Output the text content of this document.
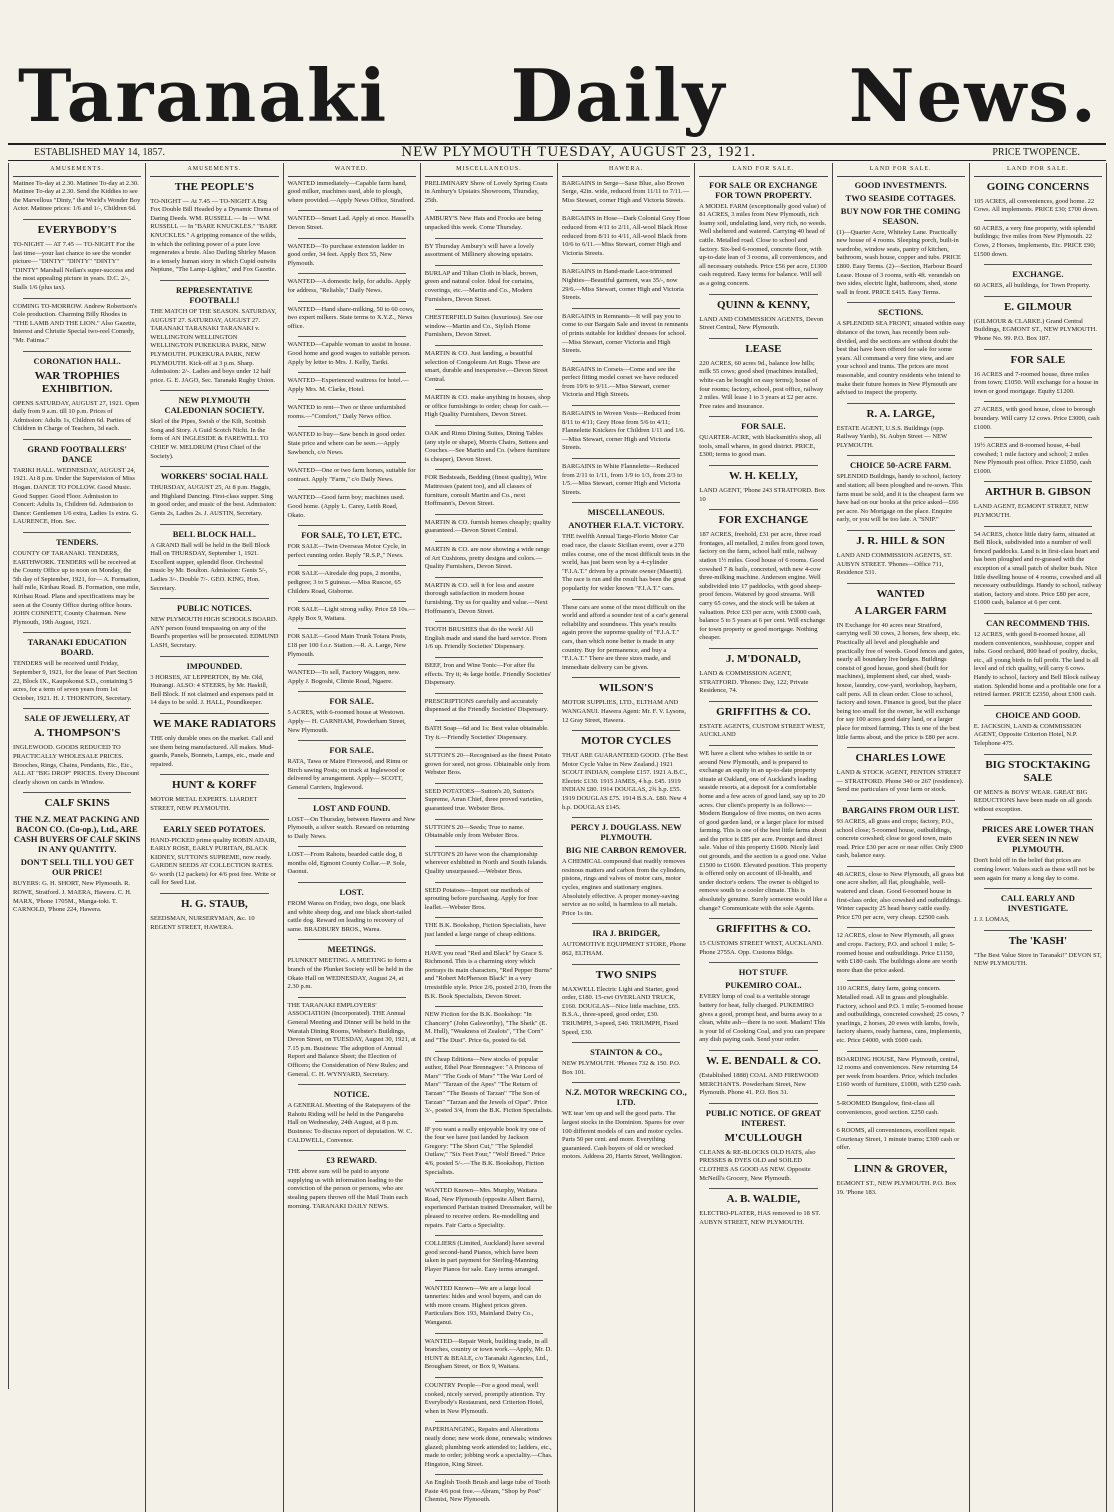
Taranaki Daily News.
ESTABLISHED MAY 14, 1857.	NEW PLYMOUTH TUESDAY, AUGUST 23, 1921.	PRICE TWOPENCE.
AMUSEMENTS.
Matinee To-day at 2.30. Matinee To-day at 2.30. Matinee To-day at 2.30. Send the Kiddies to see the Marvellous "Dinty," the World's Wonder Boy Actor. Matinee prices: 1/6 and 1/-, Children 6d.
EVERYBODY'S
TO-NIGHT — AT 7.45 — TO-NIGHT For the last time—your last chance to see the wonder picture— "DINTY" "DINTY" "DINTY" "DINTY" Marshall Neilan's super-success and the most appealing picture in years. D.C. 2/-, Stalls 1/6 (plus tax).
COMING TO-MORROW. Andrew Robertson's Cole production. Charming Billy Rhodes in "THE LAMB AND THE LION." Also Gazette, Interest and Christie Special two-reel Comedy, "Mr. Fatima."
CORONATION HALL.
WAR TROPHIES EXHIBITION.
OPENS SATURDAY, AUGUST 27, 1921. Open daily from 9 a.m. till 10 p.m. Prices of Admission: Adults 1s, Children 6d. Parties of Children in Charge of Teachers, 3d each.
GRAND FOOTBALLERS' DANCE
TARIKI HALL. WEDNESDAY, AUGUST 24, 1921. At 8 p.m. Under the Supervision of Miss Hogan. DANCE TO FOLLOW. Good Music. Good Supper. Good Floor. Admission to Concert: Adults 1s, Children 6d. Admission to Dance: Gentlemen 1/6 extra, Ladies 1s extra. G. LAURENCE, Hon. Sec.
TENDERS.
COUNTY OF TARANAKI. TENDERS, EARTHWORK. TENDERS will be received at the County Office up to noon on Monday, the 5th day of September, 1921, for— A. Formation, half mile, Kirihau Road. B. Formation, one mile, Kirihau Road. Plans and specifications may be seen at the County Office during office hours. JOHN CONNETT, County Chairman. New Plymouth, 19th August, 1921.
TARANAKI EDUCATION BOARD.
TENDERS will be received until Friday, September 9, 1921, for the lease of Part Section 22, Block IX., Kaupokonui S.D., containing 5 acres, for a term of seven years from 1st October, 1921. H. J. THORNTON, Secretary.
SALE OF JEWELLERY, AT
A. THOMPSON'S
INGLEWOOD. GOODS REDUCED TO PRACTICALLY WHOLESALE PRICES. Brooches, Rings, Chains, Pendants, Etc., Etc., ALL AT "BIG DROP" PRICES. Every Discount clearly shown on cards in Window.
CALF SKINS
THE N.Z. MEAT PACKING AND BACON CO. (Co-op.), Ltd., ARE CASH BUYERS OF CALF SKINS IN ANY QUANTITY.
DON'T SELL TILL YOU GET OUR PRICE!
BUYERS: G. H. SHORT, New Plymouth. R. ROWE, Stratford. J. MAERA, Hawera. C. H. MARX, 'Phone 1705M., Manga-toki. T. CARNOLD, 'Phone 224, Hawera.
AMUSEMENTS.
THE PEOPLE'S
TO-NIGHT — At 7.45 — TO-NIGHT A Big Fox Double Bill Headed by a Dynamic Drama of Daring Deeds. WM. RUSSELL — In — WM. RUSSELL — In "BARE KNUCKLES." "BARE KNUCKLES." A gripping romance of the wilds, in which the refining power of a pure love regenerates a brute. Also Darling Shirley Mason in a tensely human story in which Cupid outwits Neptune, "The Lamp-Lighter," and Fox Gazette.
REPRESENTATIVE FOOTBALL!
THE MATCH OF THE SEASON. SATURDAY, AUGUST 27. SATURDAY, AUGUST 27. TARANAKI TARANAKI TARANAKI v. WELLINGTON WELLINGTON WELLINGTON PUKEKURA PARK, NEW PLYMOUTH. PUKEKURA PARK, NEW PLYMOUTH. Kick-off at 3 p.m. Sharp. Admission: 2/-. Ladies and boys under 12 half price. G. E. JAGO, Sec. Taranaki Rugby Union.
NEW PLYMOUTH CALEDONIAN SOCIETY.
Skirl of the Pipes, Swish o' the Kilt, Scottish Song and Story. A Guid Scotch Nicht. In the form of AN INGLESIDE & FAREWELL TO CHIEF W. MELDRUM (First Chief of the Society).
WORKERS' SOCIAL HALL
THURSDAY, AUGUST 25, At 8 p.m. Haggis, and Highland Dancing. First-class supper. Sing in good order, and music of the best. Admission: Gents 2s, Ladies 2s. J. AUSTIN, Secretary.
BELL BLOCK HALL.
A GRAND Ball will be held in the Bell Block Hall on THURSDAY, September 1, 1921. Excellent supper, splendid floor. Orchestral music by Mr. Boulton. Admission: Gents 5/-, Ladies 3/-. Double 7/-. GEO. KING, Hon. Secretary.
PUBLIC NOTICES.
NEW PLYMOUTH HIGH SCHOOLS BOARD. ANY person found trespassing on any of the Board's properties will be prosecuted. EDMUND LASH, Secretary.
IMPOUNDED.
3 HORSES, AT LEPPERTON, By Mr. Old, Huirangi. ALSO: 4 STEERS, by Mr. Haskill, Bell Block. If not claimed and expenses paid in 14 days to be sold. J. HALL, Poundkeeper.
WE MAKE RADIATORS
THE only durable ones on the market. Call and see them being manufactured. All makes. Mud-guards, Panels, Bonnets, Lamps, etc., made and repaired.
HUNT & KORFF
MOTOR METAL EXPERTS. LIARDET STREET, NEW PLYMOUTH.
EARLY SEED POTATOES.
HAND-PICKED prime quality ROBIN ADAIR, EARLY ROSE, EARLY PURITAN, BLACK KIDNEY, SUTTON'S SUPREME, now ready. GARDEN SEEDS AT COLLECTION RATES. 6/- worth (12 packets) for 4/6 post free. Write or call for Seed List.
H. G. STAUB,
SEEDSMAN, NURSERYMAN, &c. 10 REGENT STREET, HAWERA.
WANTED.
WANTED immediately—Capable farm hand, good milker, machines used, able to plough, where provided.—Apply News Office, Stratford.
WANTED—Smart Lad. Apply at once. Hassell's Devon Street.
WANTED—To purchase extension ladder in good order, 34 feet. Apply Box 55, New Plymouth.
WANTED—A domestic help, for adults. Apply for address, "Reliable," Daily News.
WANTED—Hand share-milking, 50 to 60 cows, two expert milkers. State terms to X.Y.Z., News office.
WANTED—Capable woman to assist in house. Good home and good wages to suitable person. Apply by letter to Mrs. J. Kelly, Tariki.
WANTED—Experienced waitress for hotel.—Apply Mrs. M. Clarke, Hotel.
WANTED to rent—Two or three unfurnished rooms.—"Comfort," Daily News office.
WANTED to buy—Saw bench in good order. State price and where can be seen.—Apply Sawbench, c/o News.
WANTED—One or two farm horses, suitable for contract. Apply "Farm," c/o Daily News.
WANTED—Good farm boy; machines used. Good home. (Apply L. Carey, Leith Road, Okato.
FOR SALE, TO LET, ETC.
FOR SALE—Twin Overseas Motor Cycle, in perfect running order. Reply "R.S.P.," News.
FOR SALE—Airedale dog pups, 2 months, pedigree; 3 to 5 guineas.—Miss Ruscoe, 65 Childers Road, Gisborne.
FOR SALE—Light strong sulky. Price £8 10s.—Apply Box 9, Waitara.
FOR SALE—Good Main Trunk Totara Posts, £18 per 100 f.o.r. Station.—R. A. Large, New Plymouth.
WANTED—To sell, Factory Waggon, new. Apply J. Bogoshi, Climie Road, Ngaere.
FOR SALE.
5 ACRES, with 6-roomed house at Westown. Apply— H. CARNHAM, Powderham Street, New Plymouth.
FOR SALE.
RATA, Tawa or Maire Firewood, and Rimu or Birch sawing Posts; on truck at Inglewood or delivered by arrangement. Apply— SCOTT, General Carriers, Inglewood.
LOST AND FOUND.
LOST—On Thursday, between Hawera and New Plymouth, a silver watch. Reward on returning to Daily News.
LOST—From Rahotu, bearded cattle dog, 8 months old, Egmont County Collar.—P. Sole, Oaonui.
LOST.
FROM Warea on Friday, two dogs, one black and white sheep dog, and one black short-tailed cattle dog. Reward on leading to recovery of same. BRADBURY BROS., Warea.
MEETINGS.
PLUNKET MEETING. A MEETING to form a branch of the Plunket Society will be held in the Okato Hall on WEDNESDAY, August 24, at 2.30 p.m.
THE TARANAKI EMPLOYERS' ASSOCIATION (Incorporated). THE Annual General Meeting and Dinner will be held in the Waratah Dining Rooms, Webster's Buildings, Devon Street, on TUESDAY, August 30, 1921, at 7.15 p.m. Business: The adoption of Annual Report and Balance Sheet; the Election of Officers; the Consideration of New Rules; and General. C. H. WYNYARD, Secretary.
NOTICE.
A GENERAL Meeting of the Ratepayers of the Rahotu Riding will be held in the Pungarehu Hall on Wednesday, 24th August, at 8 p.m. Business: To discuss report of deputation. W. C. CALDWELL, Convenor.
£3 REWARD.
THE above sum will be paid to anyone supplying us with information leading to the conviction of the person or persons, who are stealing papers thrown off the Mail Train each morning. TARANAKI DAILY NEWS.
MISCELLANEOUS.
PRELIMINARY Show of Lovely Spring Coats in Ambury's Upstairs Showroom, Thursday, 25th.
AMBURY'S New Hats and Frocks are being unpacked this week. Come Thursday.
BY Thursday Ambury's will have a lovely assortment of Millinery showing upstairs.
BURLAP and Tilian Cloth in black, brown, green and natural color. Ideal for curtains, coverings, etc.—Martin and Co., Modern Furnishers, Devon Street.
CHESTERFIELD Suites (luxurious). See our window—Martin and Co., Stylish Home Furnishers, Devon Street.
MARTIN & CO. Just landing, a beautiful selection of Congoleum Art Rugs. These are smart, durable and inexpensive.—Devon Street Central.
MARTIN & CO. make anything in houses, shop or office furnishings to order; cheap for cash.—High Quality Furnishers, Devon Street.
OAK and Rimu Dining Suites, Dining Tables (any style or shape), Morris Chairs, Settees and Couches.—See Martin and Co. (where furniture is cheaper), Devon Street.
FOR Bedsteads, Bedding (finest quality), Wire Mattresses (patent too), and all classes of furniture, consult Martin and Co., next Hoffmann's, Devon Street.
MARTIN & CO. furnish homes cheaply; quality guaranteed.—Devon Street Central.
MARTIN & CO. are now showing a wide range of Art Cushions, pretty designs and colors.—Quality Furnishers, Devon Street.
MARTIN & CO. sell it for less and assure thorough satisfaction in modern house furnishing. Try us for quality and value.—Next Hoffmann's, Devon Street.
TOOTH BRUSHES that do the work! All English made and stand the hard service. From 1/6 up. Friendly Societies' Dispensary.
BEEF, Iron and Wine Tonic—For after flu effects. Try it; 4s large bottle. Friendly Societies' Dispensary.
PRESCRIPTIONS carefully and accurately dispensed at the Friendly Societies' Dispensary.
BATH Soap—6d and 1s: Best value obtainable. Try it.—Friendly Societies' Dispensary.
SUTTON'S 20—Recognised as the finest Potato grown for seed, not gross. Obtainable only from Webster Bros.
SEED POTATOES—Sutton's 20, Sutton's Supreme, Arran Chief, three proved varieties, guaranteed true. Webster Bros.
SUTTON'S 20—Seeds; True to name. Obtainable only from Webster Bros.
SUTTON'S 20 have won the championship wherever exhibited in North and South Islands. Quality unsurpassed.—Webster Bros.
SEED Potatoes—Import our methods of sprouting before purchasing. Apply for free leaflet.—Webster Bros.
THE B.K. Bookshop, Fiction Specialists, have just landed a large range of cheap editions.
HAVE you read "Red and Black" by Grace S. Richmond. This is a charming story which portrays its main characters, "Red Pepper Burns" and "Robert McPherson Black" in a very irresistible style. Price 2/6, posted 2/10, from the B.K. Book Specialists, Devon Street.
NEW Fiction for the B.K. Bookshop: "In Chancery" (John Galsworthy), "The Sheik" (E. M. Hull), "Weakness of Zealots", "The Corn" and "The Dust". Price 6s, posted 6s 6d.
IN Cheap Editions—New stocks of popular author, Ethel Pear Brennagwe: "A Princess of Mars" "The Gods of Mars" "The War Lord of Mars" "Tarzan of the Apes" "The Return of Tarzan" "The Beasts of Tarzan" "The Son of Tarzan" "Tarzan and the Jewels of Opar". Price 3/-, posted 3/4, from the B.K. Fiction Specialists.
IF you want a really enjoyable book try one of the four we have just landed by Jackson Gregory: "The Short Cut," "The Splendid Outlaw," "Six Feet Four," "Wolf Breed." Price 4/6, posted 5/-.—The B.K. Bookshop, Fiction Specialists.
WANTED Known—Mrs. Murphy, Waitara Road, New Plymouth (opposite Albert Barrs), experienced Parisian trained Dressmaker, will be pleased to receive orders. Re-modelling and repairs. Fair Carts a Speciality.
COLLIERS (Limited, Auckland) have several good second-hand Pianos, which have been taken in part payment for Sterling-Manning Player Pianos for sale. Easy terms arranged.
WANTED Known—We are a large local tanneries: hides and wool buyers, and can do with more cream. Highest prices given. Particulars Box 193, Mainland Dairy Co., Wanganui.
WANTED—Repair Work, building trade, in all branches, country or town work.—Apply, Mr. D. HUNT & BEALE, c/o Taranaki Agencies, Ltd., Brougham Street, or Box 9, Waitara.
COUNTRY People—For a good meal, well cooked, nicely served, promptly attention. Try Everybody's Restaurant, next Criterion Hotel, when in New Plymouth.
PAPERHANGING, Repairs and Alterations neatly done; new work done, renewals; windows glazed; plumbing work attended to; ladders, etc., made to order; jobbing work a speciality.—Chas. Hingston, King Street.
An English Tooth Brush and large tube of Tooth Paste 4/6 post free.—Abram, "Shop by Post" Chemist, New Plymouth.
HAWERA.
BARGAINS in Serge—Saxe Blue, also Brown Serge, 42in. wide, reduced from 11/11 to 7/11.—Miss Stewart, corner High and Victoria Streets.
BARGAINS in Hose—Dark Colonial Grey Hose reduced from 4/11 to 2/11, All-wool Black Hose reduced from 8/11 to 4/11, All-wool Black from 10/6 to 6/11.—Miss Stewart, corner High and Victoria Streets.
BARGAINS in Hand-made Lace-trimmed Nighties—Beautiful garment, was 35/-, now 29/6.—Miss Stewart, corner High and Victoria Streets.
BARGAINS in Remnants—It will pay you to come to our Bargain Sale and invest in remnants of prints suitable for kiddies' dresses for school.—Miss Stewart, corner Victoria and High Streets.
BARGAINS in Corsets—Come and see the perfect fitting model corset we have reduced from 19/6 to 9/11.—Miss Stewart, corner Victoria and High Streets.
BARGAINS in Woven Vests—Reduced from 8/11 to 4/11; Grey Hose from 5/6 to 4/11; Flannelette Knickers for Children 1/11 and 1/6.—Miss Stewart, corner High and Victoria Streets.
BARGAINS in White Flannelette—Reduced from 2/11 to 1/11, from 1/9 to 1/3, from 2/3 to 1/5.—Miss Stewart, corner High and Victoria Streets.
MISCELLANEOUS.
ANOTHER F.I.A.T. VICTORY.
THE twelfth Annual Targo-Florio Motor Car road race, the classic Sicilian event, over a 270 miles course, one of the most difficult tests in the world, has just been won by a 4-cylinder "F.I.A.T." driven by a private owner (Masetti). The race is run and the result has been the great popularity for wider known "F.I.A.T." cars.
These cars are some of the most difficult on the world and afford a sounder test of a car's general reliability and soundness. This year's results again prove the supreme quality of "F.I.A.T." cars, than which none better is made in any country. Buy for permanence, and buy a "F.I.A.T." There are three sizes made, and immediate delivery can be given.
WILSON'S
MOTOR SUPPLIES, LTD., ELTHAM AND WANGANUI. Hawera Agent: Mr. F. V. Lysons, 12 Gray Street, Hawera.
MOTOR CYCLES
THAT ARE GUARANTEED GOOD. (The Best Motor Cycle Value in New Zealand.) 1921 SCOUT INDIAN, complete £157. 1921 A.B.C., Electric £130. 1915 JAMES, 4 h.p. £45. 1919 INDIAN £80. 1914 DOUGLAS, 2¾ h.p. £55. 1919 DOUGLAS £75. 1914 B.S.A. £80. New 4 h.p. DOUGLAS £145.
PERCY J. DOUGLASS. NEW PLYMOUTH.
BIG NIE CARBON REMOVER.
A CHEMICAL compound that readily removes resinous matters and carbon from the cylinders, pistons, rings and valves of motor cars, motor cycles, engines and stationary engines. Absolutely effective. A proper money-saving service as no solid, is harmless to all metals. Price 1s tin.
IRA J. BRIDGER,
AUTOMOTIVE EQUIPMENT STORE, Phone 862, ELTHAM.
TWO SNIPS
MAXWELL Electric Light and Starter, good order, £180. 15-cwt OVERLAND TRUCK, £160. DOUGLAS—Nice little machine, £65. B.S.A., three-speed, good order, £30. TRIUMPH, 3-speed, £40. TRIUMPH, Fixed Speed, £30.
STAINTON & CO.,
NEW PLYMOUTH. 'Phones 732 & 150. P.O. Box 101.
N.Z. MOTOR WRECKING CO., LTD.
WE tear 'em up and sell the good parts. The largest stocks in the Dominion. Spares for over 100 different models of cars and motor cycles. Parts 50 per cent. and more. Everything guaranteed. Cash buyers of old or wrecked motors. Address 20, Harris Street, Wellington.
LAND FOR SALE.
FOR SALE OR EXCHANGE FOR TOWN PROPERTY.
A MODEL FARM (exceptionally good value) of 81 ACRES, 3 miles from New Plymouth, rich loamy soil, undulating land, very rich, no weeds. Well sheltered and watered. Carrying 40 head of cattle. Metalled road. Close to school and factory. Six-bed 6-roomed, concrete floor, with up-to-date lean of 3 rooms, all conveniences, and all necessary outsheds. Price £56 per acre, £1300 cash required. Easy terms for balance. Will sell as a going concern.
QUINN & KENNY,
LAND AND COMMISSION AGENTS, Devon Street Central, New Plymouth.
LEASE
220 ACRES, 60 acres 9d., balance low hills; milk 55 cows; good shed (machines installed, white-can be bought on easy terms); house of four rooms; factory, school, post office, railway 2 miles. Will lease 1 to 3 years at £2 per acre. Free rates and insurance.
FOR SALE.
QUARTER-ACRE, with blacksmith's shop, all tools, small whares, in good district. PRICE, £300; terms to good man.
W. H. KELLY,
LAND AGENT, 'Phone 243 STRATFORD. Box 10
FOR EXCHANGE
187 ACRES, freehold, £31 per acre, three road frontages, all metalled, 2 miles from good town, factory on the farm, school half mile, railway station 1½ miles. Good house of 6 rooms. Good cowshed 7 & bails, concreted, with new 4-cow three-milking machine. Anderson engine. Well subdivided into 17 paddocks, with good sheep-proof fences. Watered by good streams. Will carry 65 cows, and the stock will be taken at valuation. Price £33 per acre, with £3000 cash, balance 5 to 5 years at 6 per cent. Will exchange for town property or good mortgage. Nothing cheaper.
J. M'DONALD,
LAND & COMMISSION AGENT, STRATFORD. 'Phones: Day, 122; Private Residence, 74.
GRIFFITHS & CO.
ESTATE AGENTS, CUSTOM STREET WEST, AUCKLAND
WE have a client who wishes to settle in or around New Plymouth, and is prepared to exchange an equity in an up-to-date property situate at Oakland, one of Auckland's leading seaside resorts, at a deposit for a comfortable home and a few acres of good land, say up to 20 acres. Our client's property is as follows:—Modern Bungalow of five rooms, on two acres of good garden land, or a larger place for mixed farming. This is one of the best little farms about and the price is £85 per acre. Prompt and direct sale. Value of this property £1600. Nicely laid out grounds, and the section is a good one. Value £1500 to £1600. Elevated position. This property is offered only on account of ill-health, and under doctor's orders. The owner is obliged to remove south to a cooler climate. This is absolutely genuine. Surely someone would like a change? Communicate with the sole Agents.
GRIFFITHS & CO.
15 CUSTOMS STREET WEST, AUCKLAND. Phone 2755A. Opp. Customs Bldgs.
HOT STUFF.
PUKEMIRO COAL.
EVERY lump of coal is a veritable storage battery for heat, fully charged. PUKEMIRO gives a good, prompt heat, and burns away to a clean, white ash—there is no soot. Madam! This is your Id of Cooking Coal, and you can prepare any dish paying cash. Send your order.
W. E. BENDALL & CO.
(Established 1888) COAL AND FIREWOOD MERCHANTS. Powderham Street, New Plymouth. Phone 41. P.O. Box 31.
PUBLIC NOTICE. OF GREAT INTEREST.
M'CULLOUGH
CLEANS & RE-BLOCKS OLD HATS, also PRESSES & DYES OLD and SOILED CLOTHES AS GOOD AS NEW. Opposite McNeill's Grocery, New Plymouth.
A. B. WALDIE,
ELECTRO-PLATER, HAS removed to 18 ST. AUBYN STREET, NEW PLYMOUTH.
LAND FOR SALE.
GOOD INVESTMENTS.
TWO SEASIDE COTTAGES.
BUY NOW FOR THE COMING SEASON.
(1)—Quarter Acre, Whiteley Lane. Practically new house of 4 rooms. Sleeping porch, built-in wardrobe, window seats, pantry of kitchen, bathroom, wash house, copper and tubs. PRICE £800. Easy Terms. (2)—Section, Harbour Board Lease. House of 3 rooms, with 4ft. verandah on two sides, electric light, bathroom, shed, stone wall in front. PRICE £415. Easy Terms.
SECTIONS.
A SPLENDID SEA FRONT, situated within easy distance of the town, has recently been sub-divided, and the sections are without doubt the best that have been offered for sale for some years. All command a very fine view, and are your school and trams. The prices are most reasonable, and country residents who intend to make their future homes in New Plymouth are advised to inspect the property.
R. A. LARGE,
ESTATE AGENT, U.S.S. Buildings (opp. Railway Yards), St. Aubyn Street — NEW PLYMOUTH.
CHOICE 50-ACRE FARM.
SPLENDID Buildings, handy to school, factory and station; all been ploughed and re-sown. This farm must be sold, and it is the cheapest farm we have had on our books at the price asked—£66 per acre. No Mortgage on the place. Enquire early, or you will be too late. A "SNIP."
J. R. HILL & SON
LAND AND COMMISSION AGENTS, ST. AUBYN STREET. 'Phones—Office 711, Residence 531.
WANTED
A LARGER FARM
IN Exchange for 40 acres near Stratford, carrying well 30 cows, 2 horses, few sheep, etc. Practically all level and ploughable and practically free of weeds. Good fences and gates, nearly all boundary live hedges. Buildings consist of good house, good shed (built for machines), implement shed, car shed, wash-house, laundry, cow-yard, workshop, haybarn, calf pens. All in clean order. Close to school, factory and town. Finance is good, but the place being too small for the owner, he will exchange for say 100 acres good dairy land, or a larger place for mixed farming. This is one of the best little farms about, and the price is £80 per acre.
CHARLES LOWE
LAND & STOCK AGENT, FENTON STREET — STRATFORD. Phone 340 or 267 (residence). Send me particulars of your farm or stock.
BARGAINS FROM OUR LIST.
93 ACRES, all grass and crops; factory, P.O., school close; 5-roomed house, outbuildings, concrete cowshed; close to good town, main road. Price £30 per acre or near offer. Only £900 cash, balance easy.
48 ACRES, close to New Plymouth, all grass but one acre shelter, all flat, ploughable, well-watered and clean. Good 6-roomed house in first-class order, also cowshed and outbuildings. Winter capacity 25 head heavy cattle easily. Price £70 per acre, very cheap. £2500 cash.
12 ACRES, close to New Plymouth, all grass and crops. Factory, P.O. and school 1 mile; 5-roomed house and outbuildings. Price £1150, with £180 cash. The buildings alone are worth more than the price asked.
110 ACRES, dairy farm, going concern. Metalled road. All in grass and ploughable. Factory, school and P.O. 1 mile; 5-roomed house and outbuildings, concreted cowshed; 25 cows, 7 yearlings, 2 horses, 20 ewes with lambs, fowls, factory shares, ready harness, cans, implements, etc. Price £4000, with £600 cash.
BOARDING HOUSE, New Plymouth, central, 12 rooms and conveniences. New returning £4 per week from boarders. Price, which includes £160 worth of furniture, £1000, with £250 cash.
5-ROOMED Bungalow, first-class all conveniences, good section. £250 cash.
6 ROOMS, all conveniences, excellent repair. Courtenay Street, 1 minute trams; £300 cash or offer.
LINN & GROVER,
EGMONT ST., NEW PLYMOUTH. P.O. Box 19. 'Phone 183.
LAND FOR SALE.
GOING CONCERNS
105 ACRES, all conveniences, good home. 22 Cows. All implements. PRICE £30; £700 down.
60 ACRES, a very fine property, with splendid buildings; five miles from New Plymouth. 22 Cows, 2 Horses, Implements, Etc. PRICE £90; £1500 down.
EXCHANGE.
60 ACRES, all buildings, for Town Property.
E. GILMOUR
(GILMOUR & CLARKE.) Grand Central Buildings, EGMONT ST., NEW PLYMOUTH. 'Phone No. 99. P.O. Box 187.
FOR SALE
16 ACRES and 7-roomed house, three miles from town; £1050. Will exchange for a house in town or good mortgage. Equity £1200.
27 ACRES, with good house, close to borough boundary. Will carry 12 cows. Price £3000, cash £1000.
19½ ACRES and 8-roomed house, 4-bail cowshed; 1 mile factory and school; 2 miles New Plymouth post office. Price £1850, cash £1000.
ARTHUR B. GIBSON
LAND AGENT, EGMONT STREET, NEW PLYMOUTH.
54 ACRES, choice little dairy farm, situated at Bell Block, subdivided into a number of well fenced paddocks. Land is in first-class heart and has been ploughed and re-grassed with the exception of a small patch of shelter bush. Nice little dwelling house of 4 rooms, cowshed and all necessary outbuildings. Handy to school, railway station, factory and store. Price £80 per acre, £1000 cash, balance at 6 per cent.
CAN RECOMMEND THIS.
12 ACRES, with good 8-roomed house, all modern conveniences, washhouse, copper and tubs. Good orchard, 800 head of poultry, ducks, etc., all young birds in full profit. The land is all level and of rich quality, will carry 6 cows. Handy to school, factory and Bell Block railway station. Splendid home and a profitable one for a retired farmer. PRICE £2350, about £300 cash.
CHOICE AND GOOD.
E. JACKSON, LAND & COMMISSION AGENT, Opposite Criterion Hotel, N.P. Telephone 475.
BIG STOCKTAKING SALE
OF MEN'S & BOYS' WEAR. GREAT BIG REDUCTIONS have been made on all goods without exception.
PRICES ARE LOWER THAN EVER SEEN IN NEW PLYMOUTH.
Don't hold off in the belief that prices are coming lower. Values such as these will not be seen again for many a long day to come.
CALL EARLY AND INVESTIGATE.
J. J. LOMAS,
The 'KASH'
"The Best Value Store in Taranaki!" DEVON ST, NEW PLYMOUTH.
